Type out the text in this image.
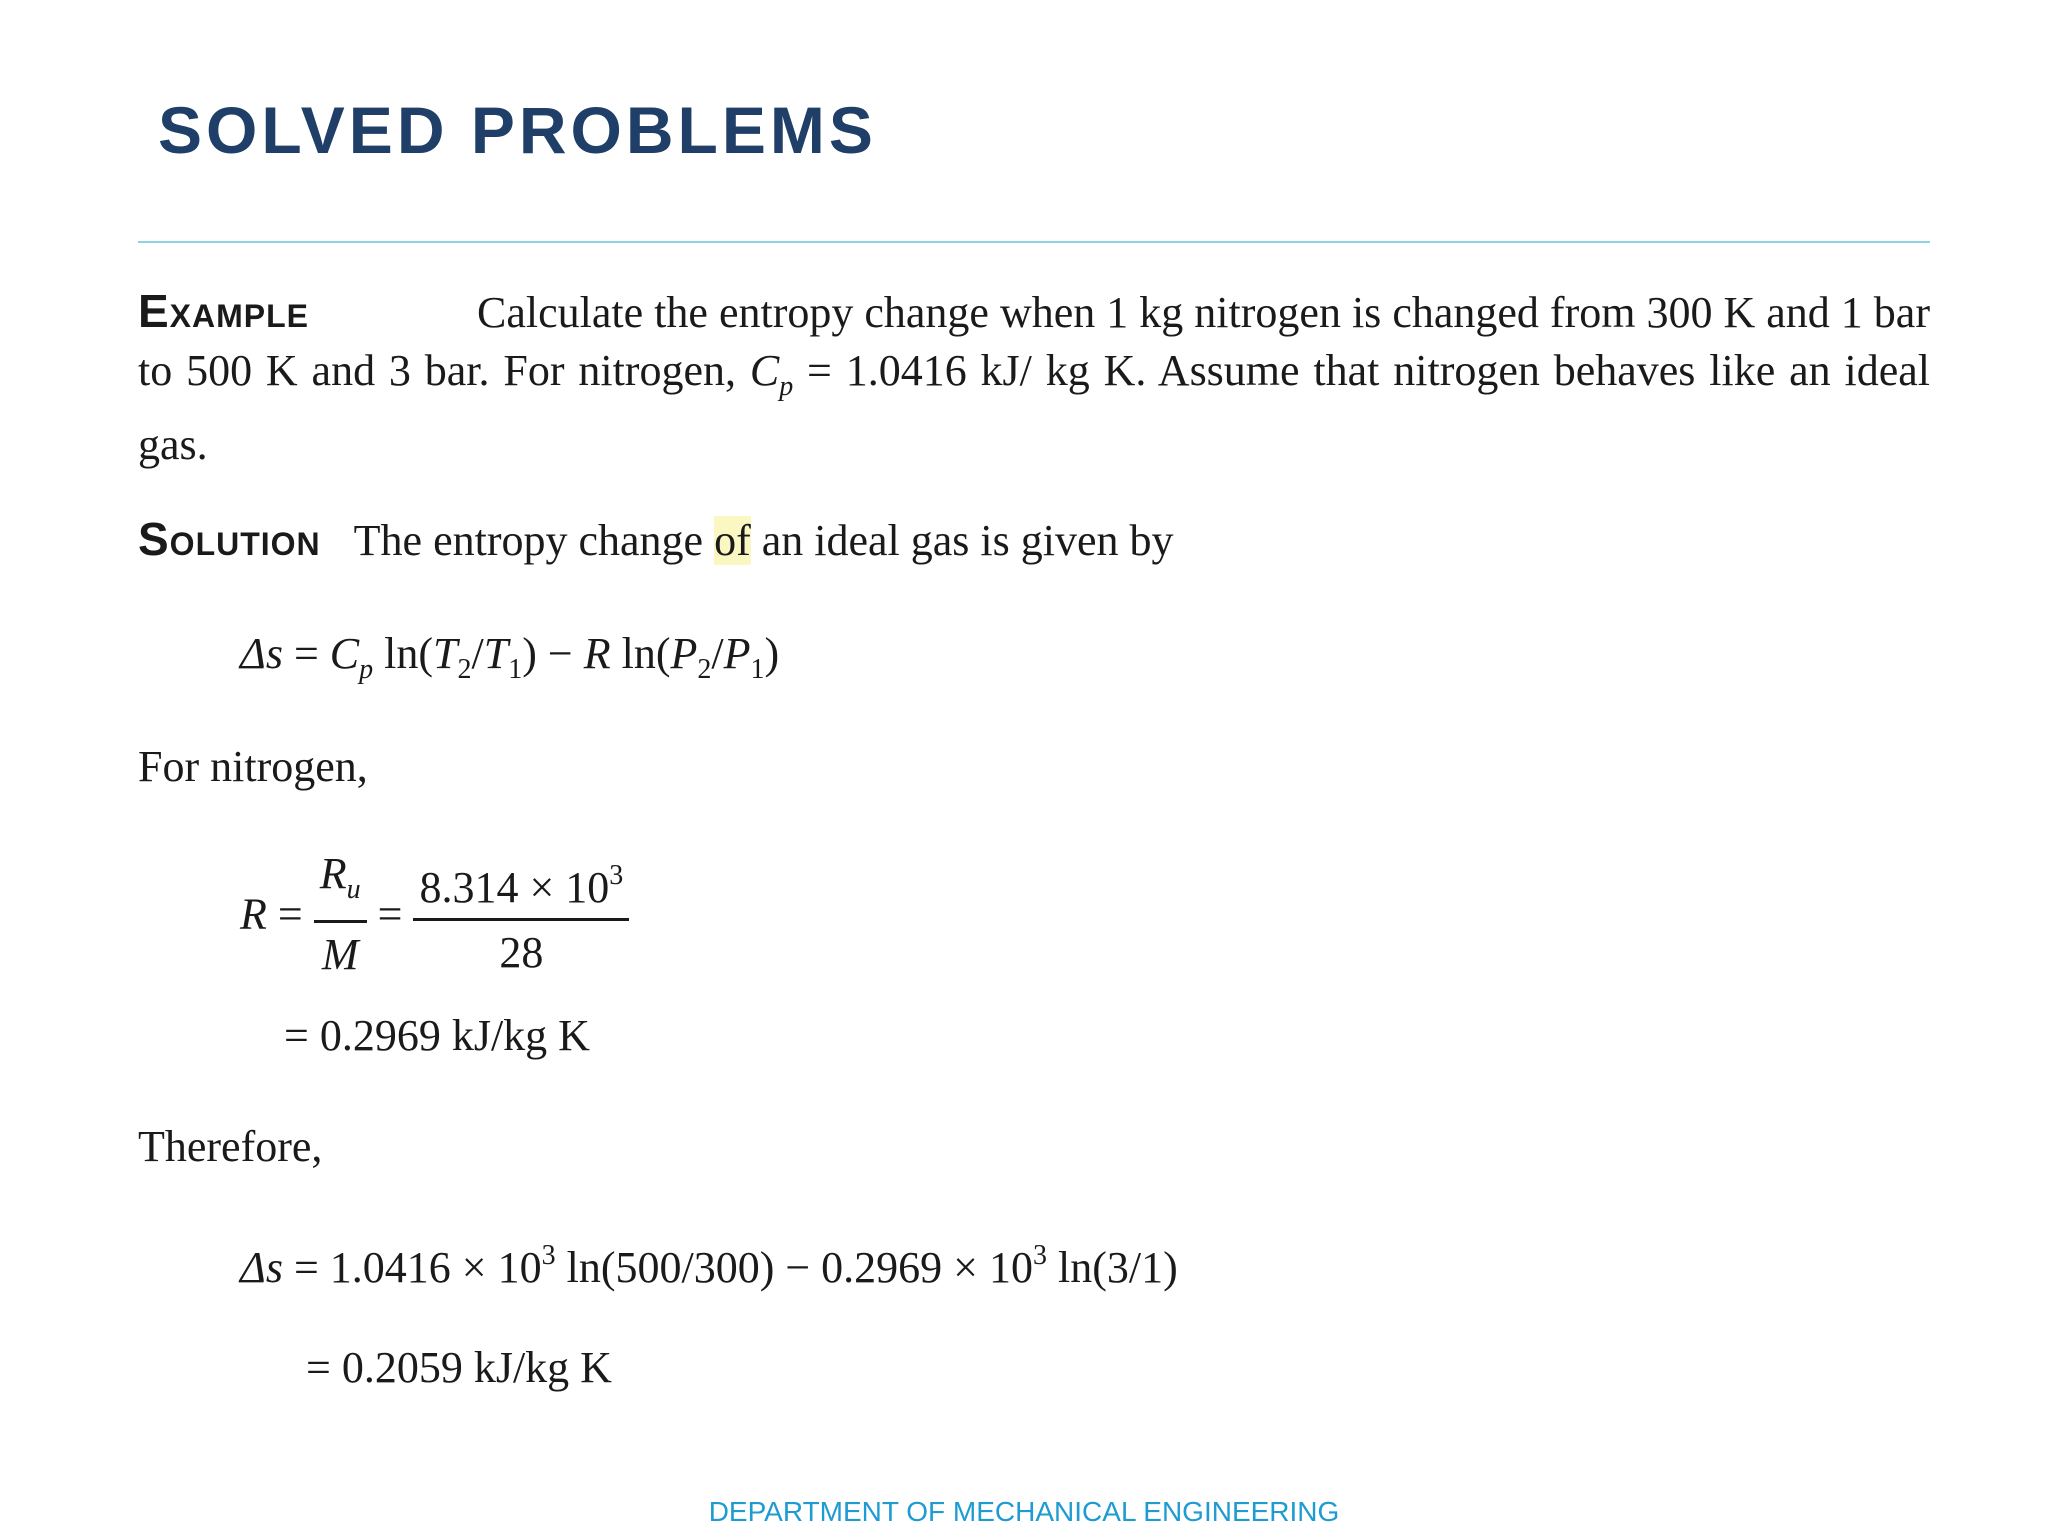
SOLVED PROBLEMS
Example	Calculate the entropy change when 1 kg nitrogen is changed from 300 K and 1 bar to 500 K and 3 bar. For nitrogen, $C_p = 1.0416$ kJ/ kg K. Assume that nitrogen behaves like an ideal gas.
Solution The entropy change of an ideal gas is given by
$\Delta s = C_p$ $\ln(T_2/T_1) - R$ $\ln(P_2/P_1)$
For nitrogen,
$R = \frac{R_u}{M} = \frac{8.314 \times 10^3}{28}$
= 0.2969 kJ/kg K
Therefore,
$\Delta s = 1.0416 \times 10^3$ $\ln(500/300) - 0.2969 \times 10^3$ ln(3/1)
= 0.2059 kJ/kg K
DEPARTMENT OF MECHANICAL ENGINEERING
